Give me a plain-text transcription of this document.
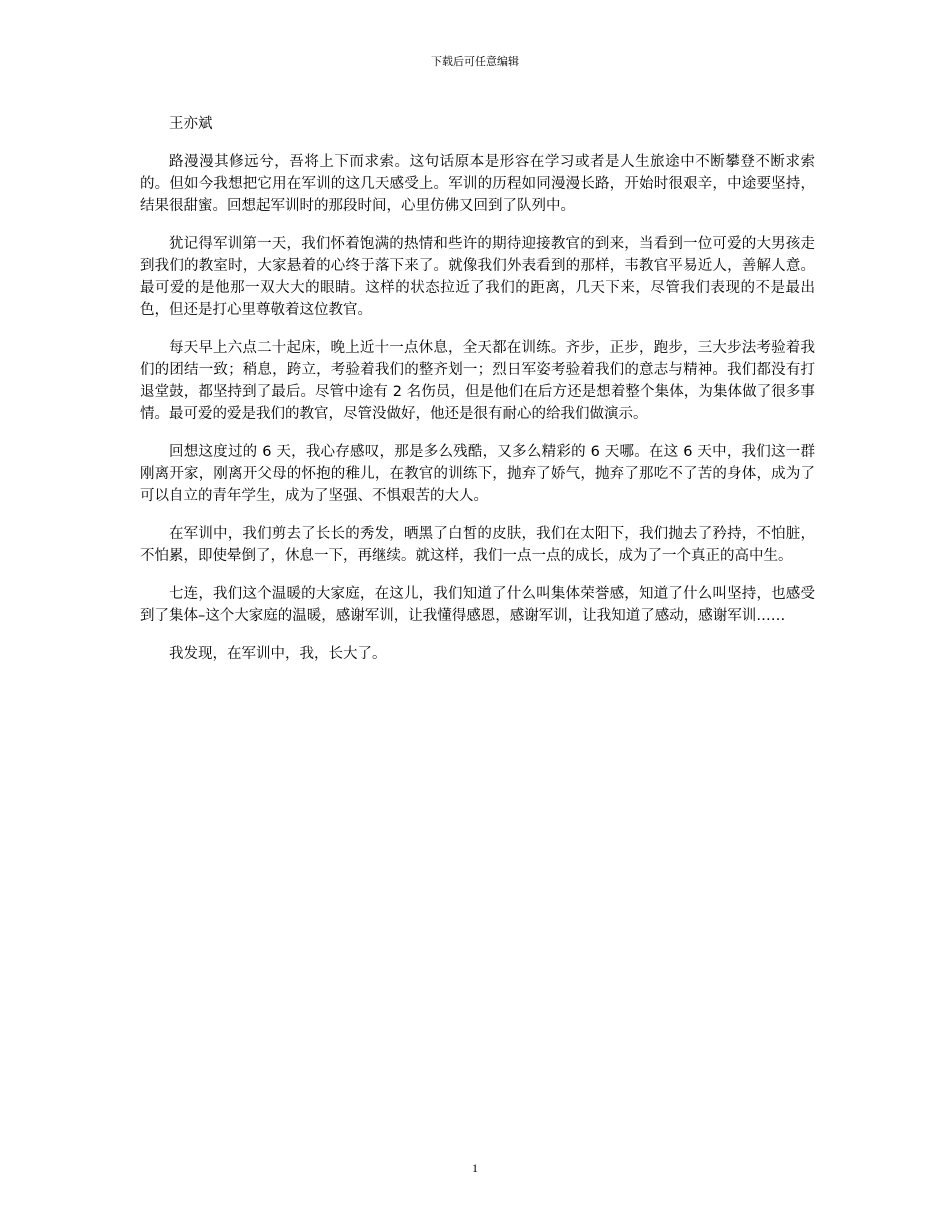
下载后可任意编辑

王亦斌

路漫漫其修远兮，吾将上下而求索。这句话原本是形容在学习或者是人生旅途中不断攀登不断求索的。但如今我想把它用在军训的这几天感受上。军训的历程如同漫漫长路，开始时很艰辛，中途要坚持，结果很甜蜜。回想起军训时的那段时间，心里仿佛又回到了队列中。

犹记得军训第一天，我们怀着饱满的热情和些许的期待迎接教官的到来，当看到一位可爱的大男孩走到我们的教室时，大家悬着的心终于落下来了。就像我们外表看到的那样，韦教官平易近人，善解人意。最可爱的是他那一双大大的眼睛。这样的状态拉近了我们的距离，几天下来，尽管我们表现的不是最出色，但还是打心里尊敬着这位教官。

每天早上六点二十起床，晚上近十一点休息，全天都在训练。齐步，正步，跑步，三大步法考验着我们的团结一致；稍息，跨立，考验着我们的整齐划一；烈日军姿考验着我们的意志与精神。我们都没有打退堂鼓，都坚持到了最后。尽管中途有 2 名伤员，但是他们在后方还是想着整个集体，为集体做了很多事情。最可爱的爱是我们的教官，尽管没做好，他还是很有耐心的给我们做演示。

回想这度过的 6 天，我心存感叹，那是多么残酷，又多么精彩的 6 天哪。在这 6 天中，我们这一群刚离开家，刚离开父母的怀抱的稚儿，在教官的训练下，抛弃了娇气，抛弃了那吃不了苦的身体，成为了可以自立的青年学生，成为了坚强、不惧艰苦的大人。

在军训中，我们剪去了长长的秀发，晒黑了白皙的皮肤，我们在太阳下，我们抛去了矜持，不怕脏，不怕累，即使晕倒了，休息一下，再继续。就这样，我们一点一点的成长，成为了一个真正的高中生。

七连，我们这个温暖的大家庭，在这儿，我们知道了什么叫集体荣誉感，知道了什么叫坚持，也感受到了集体–这个大家庭的温暖，感谢军训，让我懂得感恩，感谢军训，让我知道了感动，感谢军训……

我发现，在军训中，我，长大了。

1
